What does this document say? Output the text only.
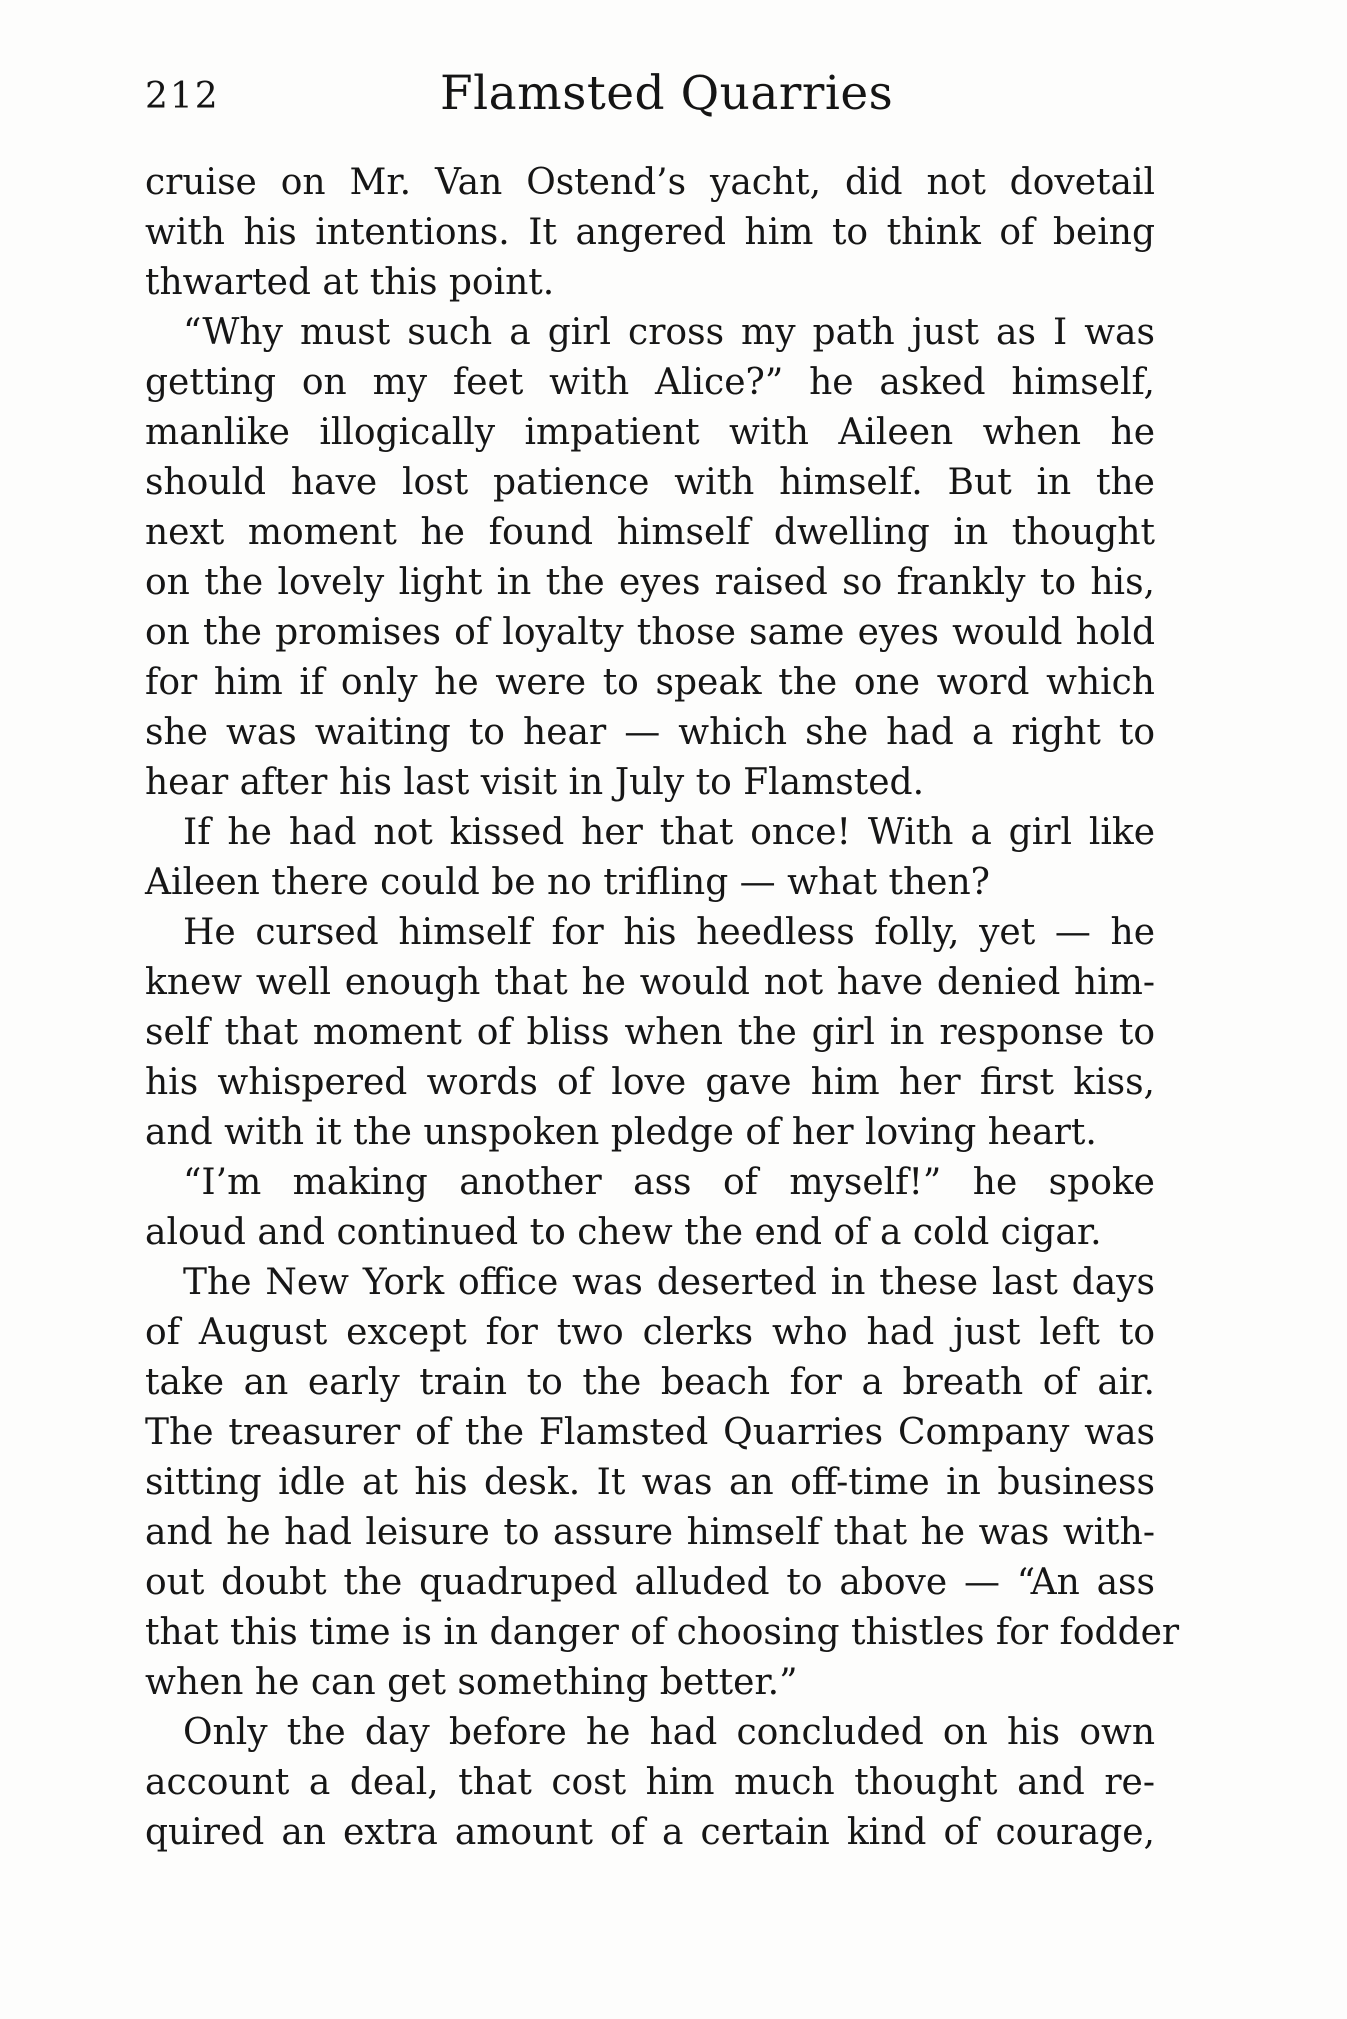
212	Flamsted Quarries
cruise on Mr. Van Ostend’s yacht, did not dovetail
with his intentions. It angered him to think of being
thwarted at this point.
“Why must such a girl cross my path just as I was
getting on my feet with Alice?” he asked himself,
manlike illogically impatient with Aileen when he
should have lost patience with himself. But in the
next moment he found himself dwelling in thought
on the lovely light in the eyes raised so frankly to his,
on the promises of loyalty those same eyes would hold
for him if only he were to speak the one word which
she was waiting to hear — which she had a right to
hear after his last visit in July to Flamsted.
If he had not kissed her that once! With a girl like
Aileen there could be no trifling — what then?
He cursed himself for his heedless folly, yet — he
knew well enough that he would not have denied him-
self that moment of bliss when the girl in response to
his whispered words of love gave him her first kiss,
and with it the unspoken pledge of her loving heart.
“I’m making another ass of myself!” he spoke
aloud and continued to chew the end of a cold cigar.
The New York office was deserted in these last days
of August except for two clerks who had just left to
take an early train to the beach for a breath of air.
The treasurer of the Flamsted Quarries Company was
sitting idle at his desk. It was an off-time in business
and he had leisure to assure himself that he was with-
out doubt the quadruped alluded to above — “An ass
that this time is in danger of choosing thistles for fodder
when he can get something better.”
Only the day before he had concluded on his own
account a deal, that cost him much thought and re-
quired an extra amount of a certain kind of courage,
